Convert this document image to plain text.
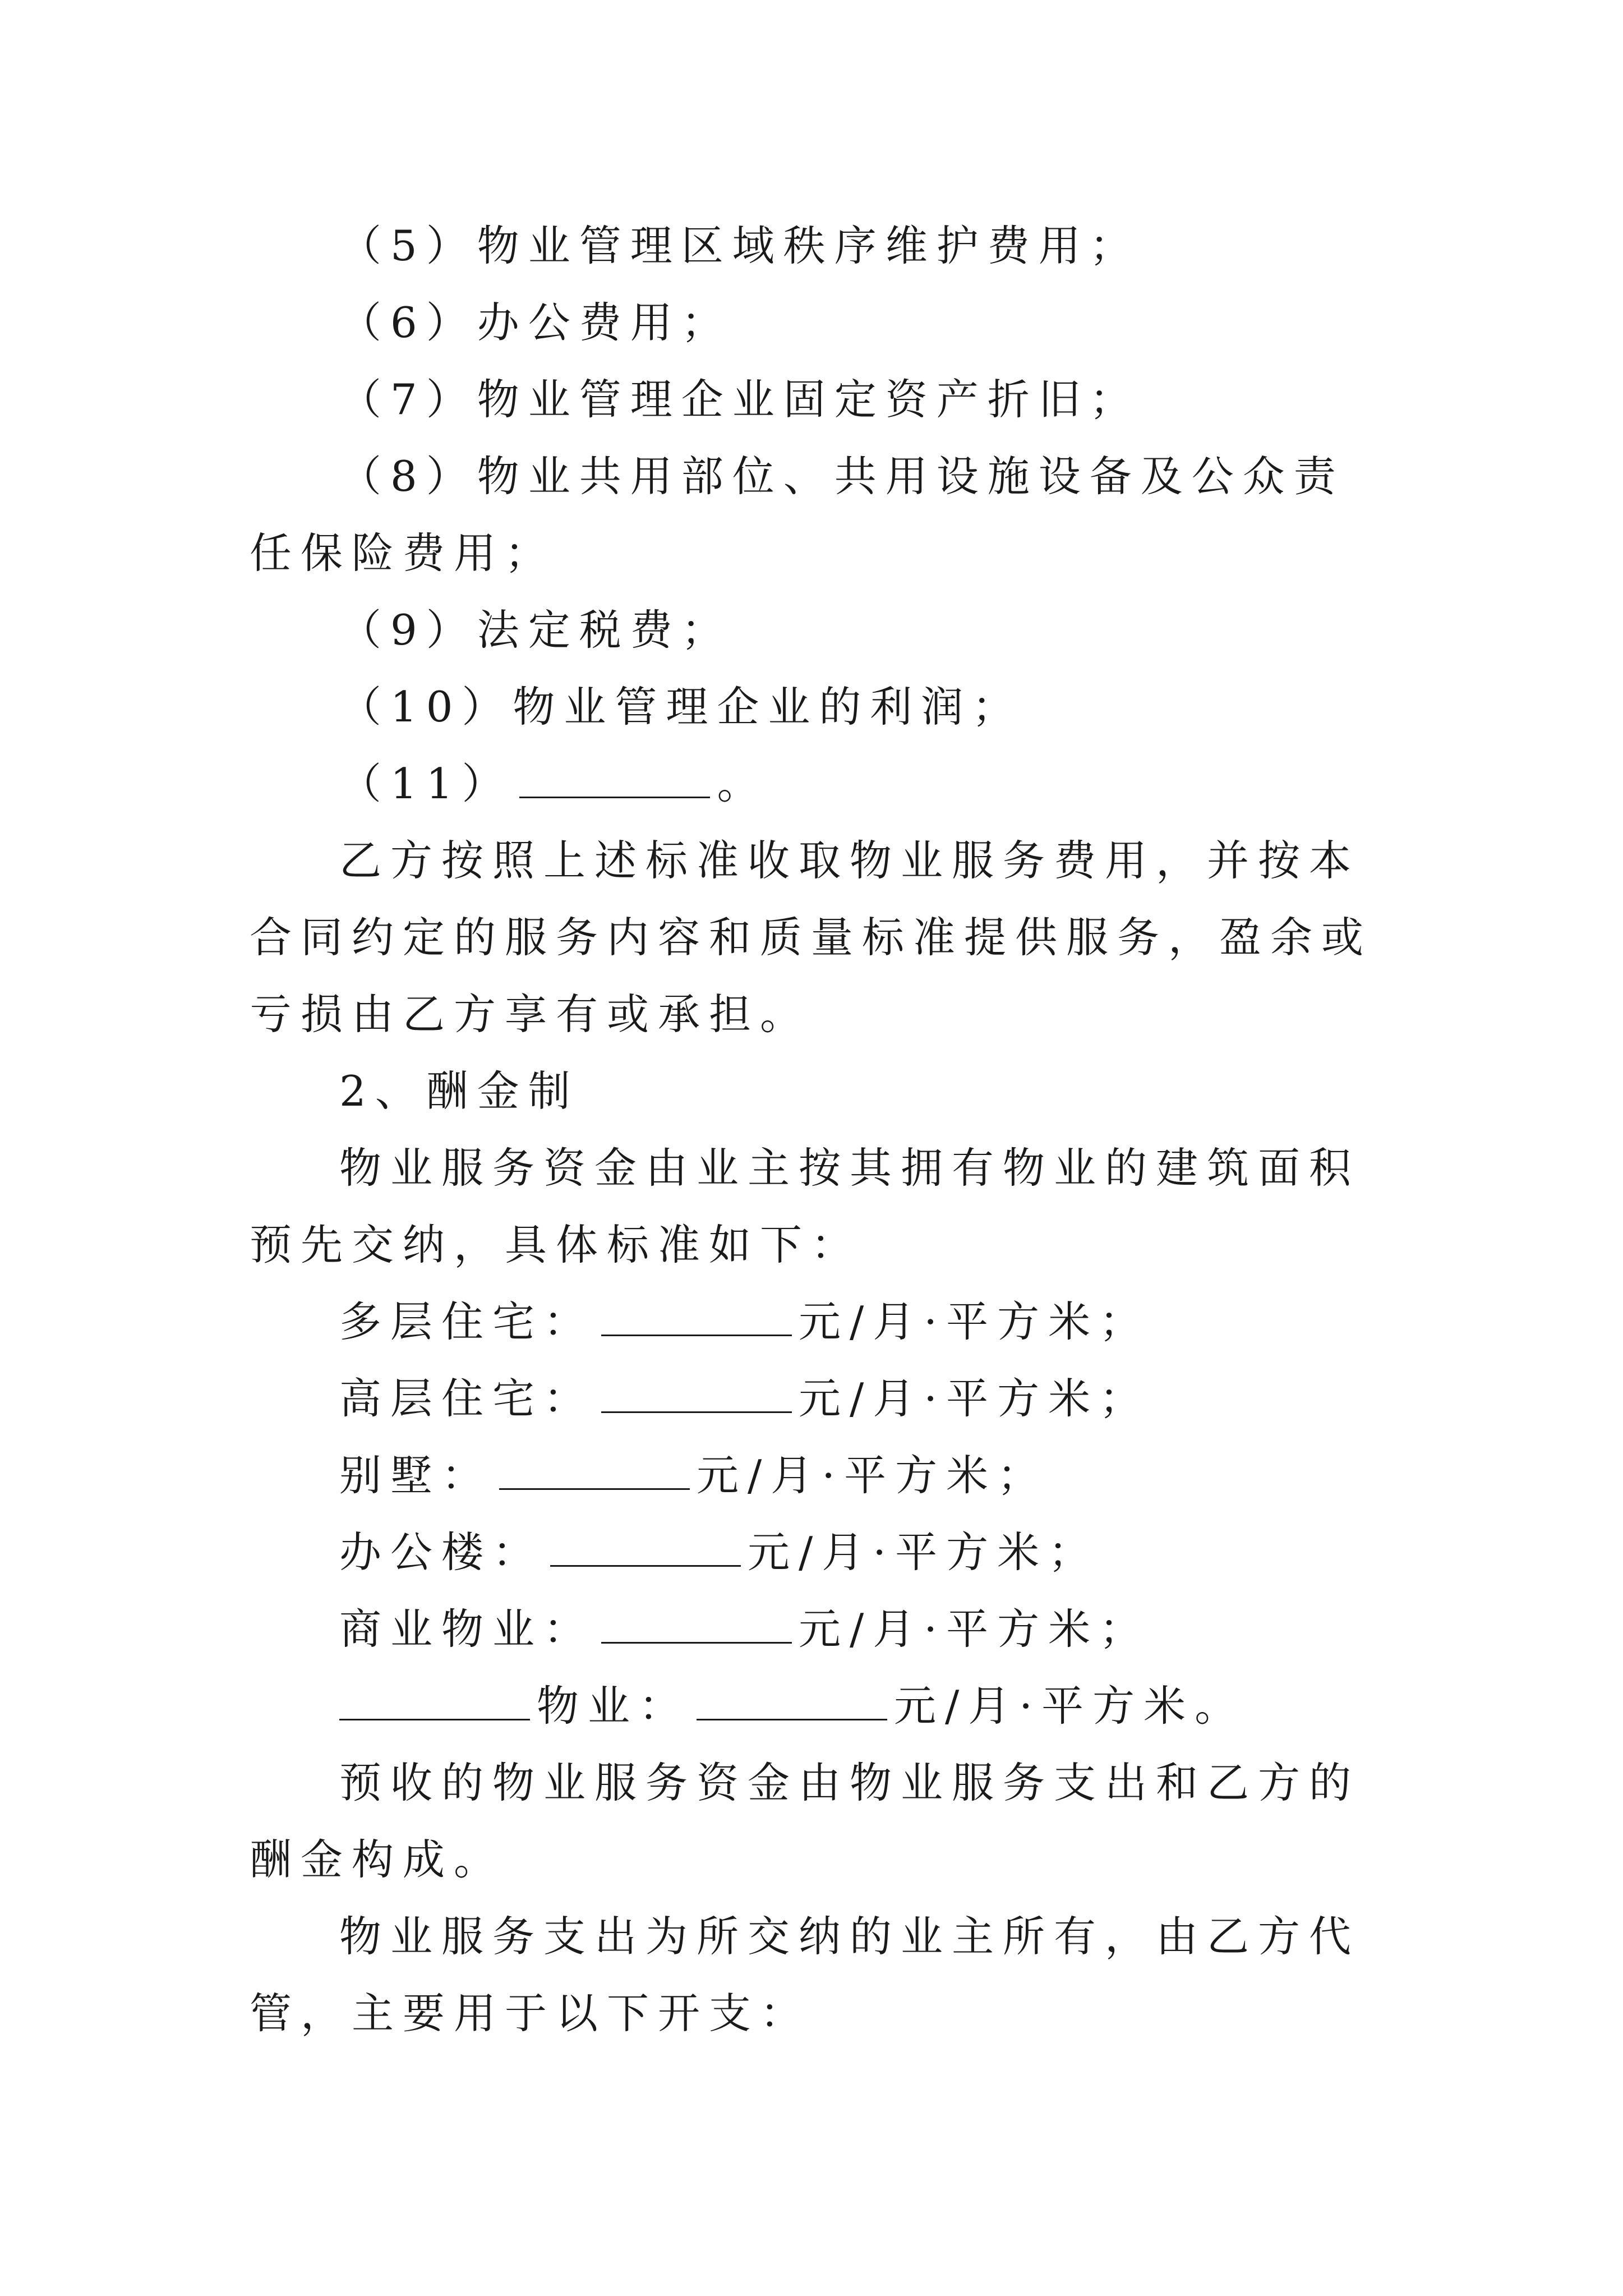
（5）物业管理区域秩序维护费用；

（6）办公费用；

（7）物业管理企业固定资产折旧；

（8）物业共用部位、共用设施设备及公众责任保险费用；

（9）法定税费；

（10）物业管理企业的利润；

（11）	。

乙方按照上述标准收取物业服务费用，并按本合同约定的服务内容和质量标准提供服务，盈余或亏损由乙方享有或承担。

2、酬金制

物业服务资金由业主按其拥有物业的建筑面积预先交纳，具体标准如下：

多层住宅：	元/月·平方米；

高层住宅：	元/月·平方米；

别墅：	元/月·平方米；

办公楼：	元/月·平方米；

商业物业：	元/月·平方米；

物业：	元/月·平方米。

预收的物业服务资金由物业服务支出和乙方的酬金构成。

物业服务支出为所交纳的业主所有，由乙方代管，主要用于以下开支：
